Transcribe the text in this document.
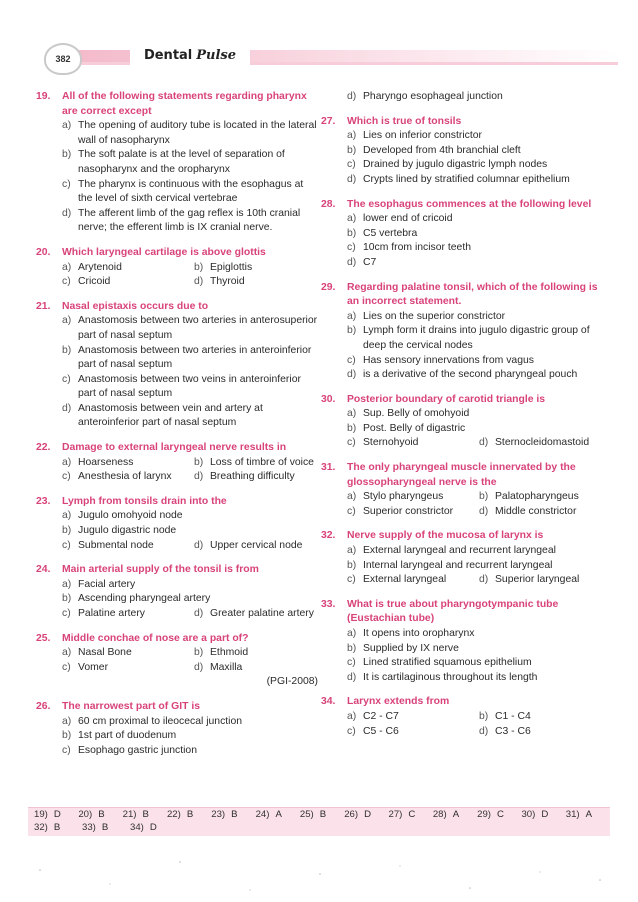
382	Dental Pulse
19.	All of the following statements regarding pharynx are correct except
a) The opening of auditory tube is located in the lateral wall of nasopharynx
b) The soft palate is at the level of separation of nasopharynx and the oropharynx
c) The pharynx is continuous with the esophagus at the level of sixth cervical vertebrae
d) The afferent limb of the gag reflex is 10th cranial nerve; the efferent limb is IX cranial nerve.
20.	Which laryngeal cartilage is above glottis
a) Arytenoid	b) Epiglottis
c) Cricoid	d) Thyroid
21.	Nasal epistaxis occurs due to
a) Anastomosis between two arteries in anterosuperior part of nasal septum
b) Anastomosis between two arteries in anteroinferior part of nasal septum
c) Anastomosis between two veins in anteroinferior part of nasal septum
d) Anastomosis between vein and artery at anteroinferior part of nasal septum
22.	Damage to external laryngeal nerve results in
a) Hoarseness	b) Loss of timbre of voice
c) Anesthesia of larynx	d) Breathing difficulty
23.	Lymph from tonsils drain into the
a) Jugulo omohyoid node
b) Jugulo digastric node
c) Submental node	d) Upper cervical node
24.	Main arterial supply of the tonsil is from
a) Facial artery
b) Ascending pharyngeal artery
c) Palatine artery	d) Greater palatine artery
25.	Middle conchae of nose are a part of?
a) Nasal Bone	b) Ethmoid
c) Vomer	d) Maxilla
(PGI-2008)
26.	The narrowest part of GIT is
a) 60 cm proximal to ileocecal junction
b) 1st part of duodenum
c) Esophago gastric junction
d) Pharyngo esophageal junction
27.	Which is true of tonsils
a) Lies on inferior constrictor
b) Developed from 4th branchial cleft
c) Drained by jugulo digastric lymph nodes
d) Crypts lined by stratified columnar epithelium
28.	The esophagus commences at the following level
a) lower end of cricoid
b) C5 vertebra
c) 10cm from incisor teeth
d) C7
29.	Regarding palatine tonsil, which of the following is an incorrect statement.
a) Lies on the superior constrictor
b) Lymph form it drains into jugulo digastric group of deep the cervical nodes
c) Has sensory innervations from vagus
d) is a derivative of the second pharyngeal pouch
30.	Posterior boundary of carotid triangle is
a) Sup. Belly of omohyoid
b) Post. Belly of digastric
c) Sternohyoid	d) Sternocleidomastoid
31.	The only pharyngeal muscle innervated by the glossopharyngeal nerve is the
a) Stylo pharyngeus	b) Palatopharyngeus
c) Superior constrictor	d) Middle constrictor
32.	Nerve supply of the mucosa of larynx is
a) External laryngeal and recurrent laryngeal
b) Internal laryngeal and recurrent laryngeal
c) External laryngeal	d) Superior laryngeal
33.	What is true about pharyngotympanic tube (Eustachian tube)
a) It opens into oropharynx
b) Supplied by IX nerve
c) Lined stratified squamous epithelium
d) It is cartilaginous throughout its length
34.	Larynx extends from
a) C2 - C7	b) C1 - C4
c) C5 - C6	d) C3 - C6
19) D 20) B 21) B 22) B 23) B 24) A 25) B 26) D 27) C 28) A 29) C 30) D 31) A
32) B 33) B 34) D
